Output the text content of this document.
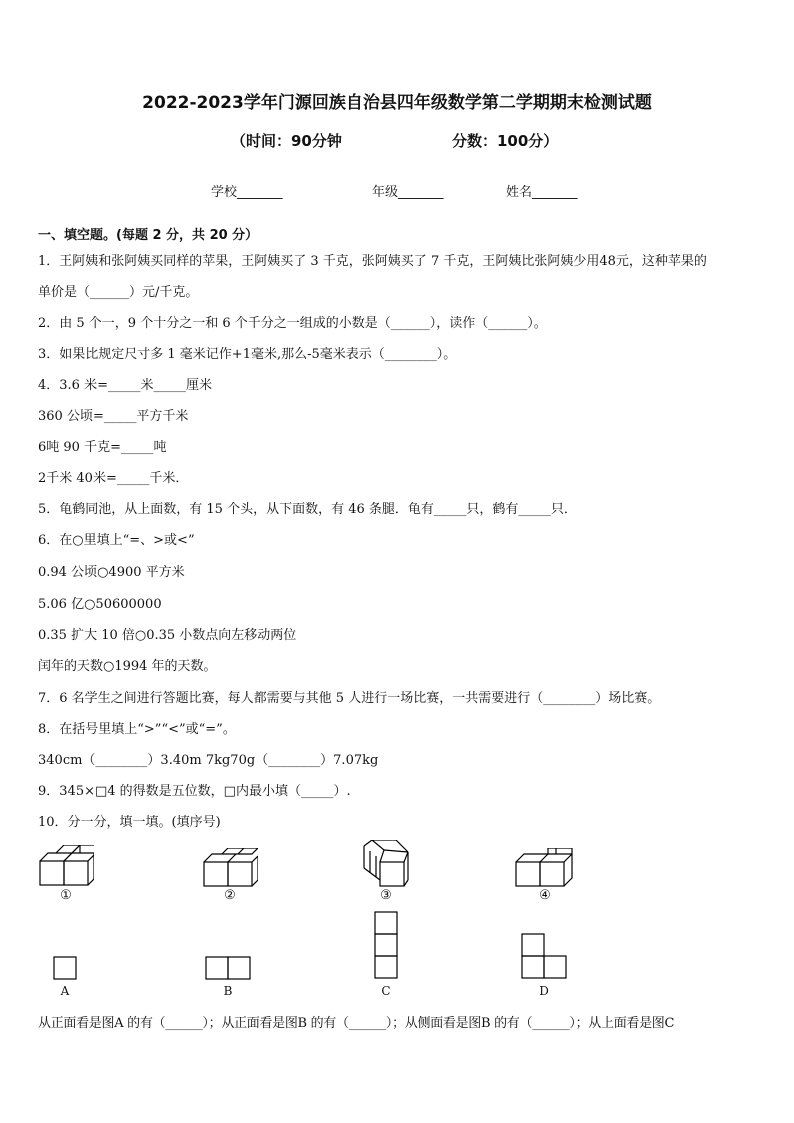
2022-2023学年门源回族自治县四年级数学第二学期期末检测试题
（时间：90分钟	分数：100分）
学校_______	年级_______	姓名_______
一、填空题。(每题 2 分，共 20 分）
1．王阿姨和张阿姨买同样的苹果，王阿姨买了 3 千克，张阿姨买了 7 千克，王阿姨比张阿姨少用48元，这种苹果的
单价是（______）元/千克。
2．由 5 个一，9 个十分之一和 6 个千分之一组成的小数是（______），读作（______）。
3．如果比规定尺寸多 1 毫米记作+1毫米,那么-5毫米表示（________）。
4．3.6 米=_____米_____厘米
360 公顷=_____平方千米
6吨 90 千克=_____吨
2千米 40米=_____千米．
5．龟鹤同池，从上面数，有 15 个头，从下面数，有 46 条腿．龟有_____只，鹤有_____只．
6．在○里填上“=、>或<”
0.94 公顷○4900 平方米
5.06 亿○50600000
0.35 扩大 10 倍○0.35 小数点向左移动两位
闰年的天数○1994 年的天数。
7．6 名学生之间进行答题比赛，每人都需要与其他 5 人进行一场比赛，一共需要进行（________）场比赛。
8．在括号里填上“>”“<”或“=”。
340cm（________）3.40m 7kg70g（________）7.07kg
9．345×□4 的得数是五位数，□内最小填（_____）.
10．分一分，填一填。(填序号)
①	②	③	④
A	B	C	D
从正面看是图A 的有（______）；从正面看是图B 的有（______）；从侧面看是图B 的有（______）；从上面看是图C
